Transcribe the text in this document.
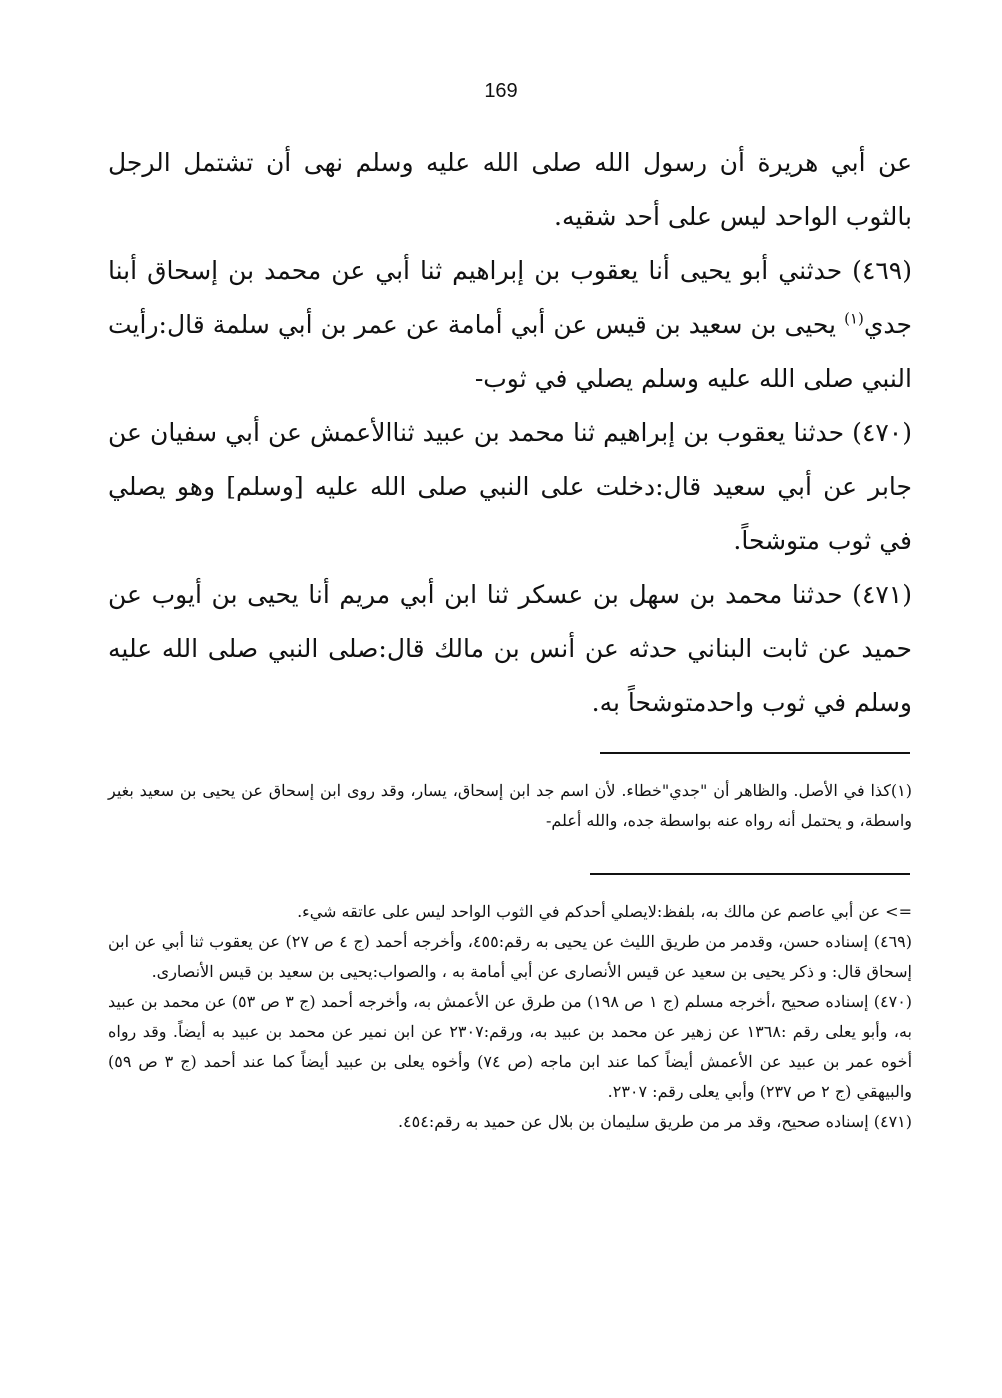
169

عن أبي هريرة أن رسول الله صلى الله عليه وسلم نهى أن تشتمل الرجل بالثوب الواحد ليس على أحد شقيه.

(٤٦٩) حدثني أبو يحيى أنا يعقوب بن إبراهيم ثنا أبي عن محمد بن إسحاق أبنا جدي$^{(١)}$ يحيى بن سعيد بن قيس عن أبي أمامة عن عمر بن أبي سلمة قال:رأيت النبي صلى الله عليه وسلم يصلي في ثوب-

(٤٧٠) حدثنا يعقوب بن إبراهيم ثنا محمد بن عبيد ثناالأعمش عن أبي سفيان عن جابر عن أبي سعيد قال:دخلت على النبي صلى الله عليه [وسلم] وهو يصلي في ثوب متوشحاً.

(٤٧١) حدثنا محمد بن سهل بن عسكر ثنا ابن أبي مريم أنا يحيى بن أيوب عن حميد عن ثابت البناني حدثه عن أنس بن مالك قال:صلى النبي صلى الله عليه وسلم في ثوب واحدمتوشحاً به.

(١)كذا في الأصل. والظاهر أن "جدي"خطاء. لأن اسم جد ابن إسحاق، يسار، وقد روى ابن إسحاق عن يحيى بن سعيد بغير واسطة، و يحتمل أنه رواه عنه بواسطة جده، والله أعلم-

=> عن أبي عاصم عن مالك به، بلفظ:لايصلي أحدكم في الثوب الواحد ليس على عاتقه شيء.

(٤٦٩) إسناده حسن، وقدمر من طريق الليث عن يحيى به رقم:٤٥٥، وأخرجه أحمد (ج ٤ ص ٢٧) عن يعقوب ثنا أبي عن ابن إسحاق قال: و ذكر يحيى بن سعيد عن قيس الأنصارى عن أبي أمامة به ، والصواب:يحيى بن سعيد بن قيس الأنصارى.

(٤٧٠) إسناده صحيح ،أخرجه مسلم (ج ١ ص ١٩٨) من طرق عن الأعمش به، وأخرجه أحمد (ج ٣ ص ٥٣) عن محمد بن عبيد به، وأبو يعلى رقم :١٣٦٨ عن زهير عن محمد بن عبيد به، ورقم:٢٣٠٧ عن ابن نمير عن محمد بن عبيد به أيضاً. وقد رواه أخوه عمر بن عبيد عن الأعمش أيضاً كما عند ابن ماجه (ص ٧٤) وأخوه يعلى بن عبيد أيضاً كما عند أحمد (ج ٣ ص ٥٩) والبيهقي (ج ٢ ص ٢٣٧) وأبي يعلى رقم: ٢٣٠٧.

(٤٧١) إسناده صحيح، وقد مر من طريق سليمان بن بلال عن حميد به رقم:٤٥٤.
